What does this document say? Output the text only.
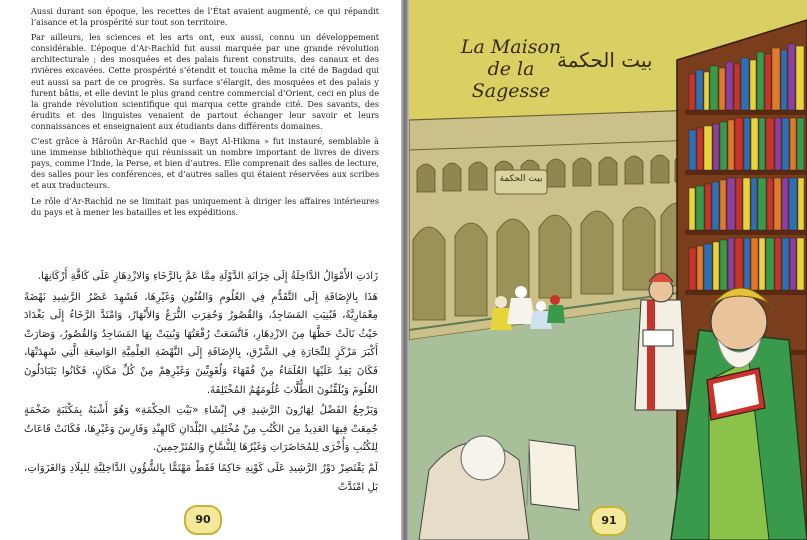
Aussi durant son époque, les recettes de l’État avaient augmenté, ce qui répandit l’aisance et la prospérité sur tout son territoire.

Par ailleurs, les sciences et les arts ont, eux aussi, connu un développement considérable. L’époque d’Ar-Rachîd fut aussi marquée par une grande révolution architecturale ; des mosquées et des palais furent construits, des canaux et des rivières excavées. Cette prospérité s’étendit et toucha même la cité de Bagdad qui eut aussi sa part de ce progrès. Sa surface s’élargit, des mosquées et des palais y furent bâtis, et elle devint le plus grand centre commercial d’Orient, ceci en plus de la grande révolution scientifique qui marqua cette grande cité. Des savants, des érudits et des linguistes venaient de partout échanger leur savoir et leurs connaissances et enseignaient aux étudiants dans différents domaines.

C’est grâce à Hâroûn Ar-Rachîd que « Bayt Al-Hikma » fut instauré, semblable à une immense bibliothèque qui réunissait un nombre important de livres de divers pays, comme l’Inde, la Perse, et bien d’autres. Elle comprenait des salles de lecture, des salles pour les conférences, et d’autres salles qui étaient réservées aux scribes et aux traducteurs.

Le rôle d’Ar-Rachîd ne se limitait pas uniquement à diriger les affaires intérieures du pays et à mener les batailles et les expéditions.

زَادَتِ الأَمْوَالُ الدَّاخِلَةُ إِلَى خِزَانَةِ الدَّوْلَةِ مِمَّا عَمَّ بِالرَّخَاءِ وَالازْدِهَارِ عَلَى كَافَّةِ أَرْكَانِهَا.

هَذَا بِالإِضَافَةِ إِلَى التَّقَدُّمِ فِي العُلُومِ وَالفُنُونِ وَغَيْرِهَا، فَشَهِدَ عَصْرُ الرَّشِيدِ نَهْضَةً مِعْمَارِيَّةً، فَبُنِيَتِ المَسَاجِدُ، وَالقُصُورُ وَحُفِرَتِ التُّرَعُ وَالأَنْهَارُ، وَامْتَدَّ الرَّخَاءُ إِلَى بَغْدَادَ حَيْثُ نَالَتْ حَظَّهَا مِنَ الازْدِهَارِ، فَاتَّسَعَتْ رُقْعَتُهَا وَبُنِيَتْ بِهَا المَسَاجِدُ وَالقُصُورُ، وَصَارَتْ أَكْبَرَ مَرْكَزٍ لِلتِّجَارَةِ فِي الشَّرْقِ، بِالإِضَافَةِ إِلَى النَّهْضَةِ العِلْمِيَّةِ الوَاسِعَةِ الَّتِي شَهِدَتْهَا، فَكَانَ يَفِدُ عَلَيْهَا العُلَمَاءُ مِنْ فُقَهَاءَ وَلُغَوِيِّينَ وَغَيْرِهِمْ مِنْ كُلِّ مَكَانٍ، فَكَانُوا يَتَبَادَلُونَ العُلُومَ وَيُلَقِّنُونَ الطُّلَّابَ عُلُومَهُمُ المُخْتَلِفَةَ.

وَيَرْجِعُ الفَضْلُ لِهَارُونَ الرَّشِيدِ فِي إِنْشَاءِ «بَيْتِ الحِكْمَةِ» وَهُوَ أَشْبَهُ بِمَكْتَبَةٍ ضَخْمَةٍ جُمِعَتْ فِيهَا العَدِيدُ مِنَ الكُتُبِ مِنْ مُخْتَلِفِ البُلْدَانِ كَالهِنْدِ وَفَارِسَ وَغَيْرِهَا، فَكَانَتْ قَاعَاتٌ لِلكُتُبِ وَأُخْرَى لِلمُحَاضَرَاتِ وَغَيْرُهَا لِلنُّسَّاخِ وَالمُتَرْجِمِينَ.

لَمْ يَقْتَصِرْ دَوْرُ الرَّشِيدِ عَلَى كَوْنِهِ حَاكِمًا فَقَطْ مَهْتَمًّا بِالشُّؤُونِ الدَّاخِلِيَّةِ لِلبِلَادِ وَالغَزَوَاتِ، بَلِ امْتَدَّتْ

90
La Maison de la Sagesse
بيت الحكمة
بيت الحكمة
91
